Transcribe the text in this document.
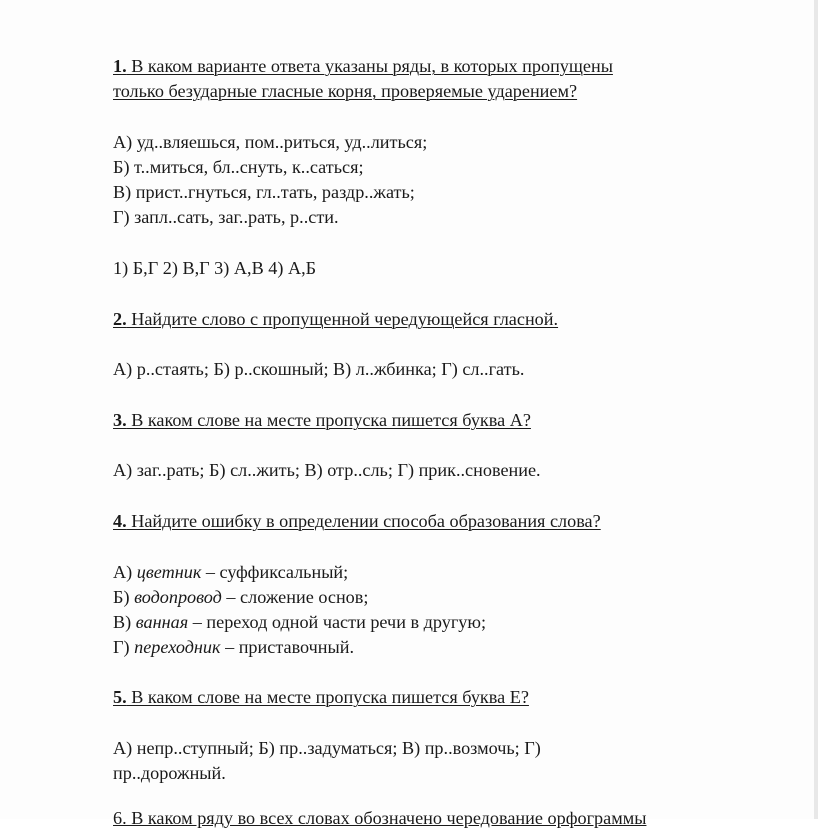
1. В каком варианте ответа указаны ряды, в которых пропущены
только безударные гласные корня, проверяемые ударением?
А) уд..вляешься, пом..риться, уд..литься;
Б) т..миться, бл..снуть, к..саться;
В) прист..гнуться, гл..тать, раздр..жать;
Г) запл..сать, заг..рать, р..сти.
1) Б,Г 2) В,Г 3) А,В 4) А,Б
2. Найдите слово с пропущенной чередующейся гласной.
А) р..стаять; Б) р..скошный; В) л..жбинка; Г) сл..гать.
3. В каком слове на месте пропуска пишется буква А?
А) заг..рать; Б) сл..жить; В) отр..сль; Г) прик..сновение.
4. Найдите ошибку в определении способа образования слова?
А) цветник – суффиксальный;
Б) водопровод – сложение основ;
В) ванная – переход одной части речи в другую;
Г) переходник – приставочный.
5. В каком слове на месте пропуска пишется буква Е?
А) непр..ступный; Б) пр..задуматься; В) пр..возмочь; Г)
пр..дорожный.
6. В каком ряду во всех словах обозначено чередование орфограммы
